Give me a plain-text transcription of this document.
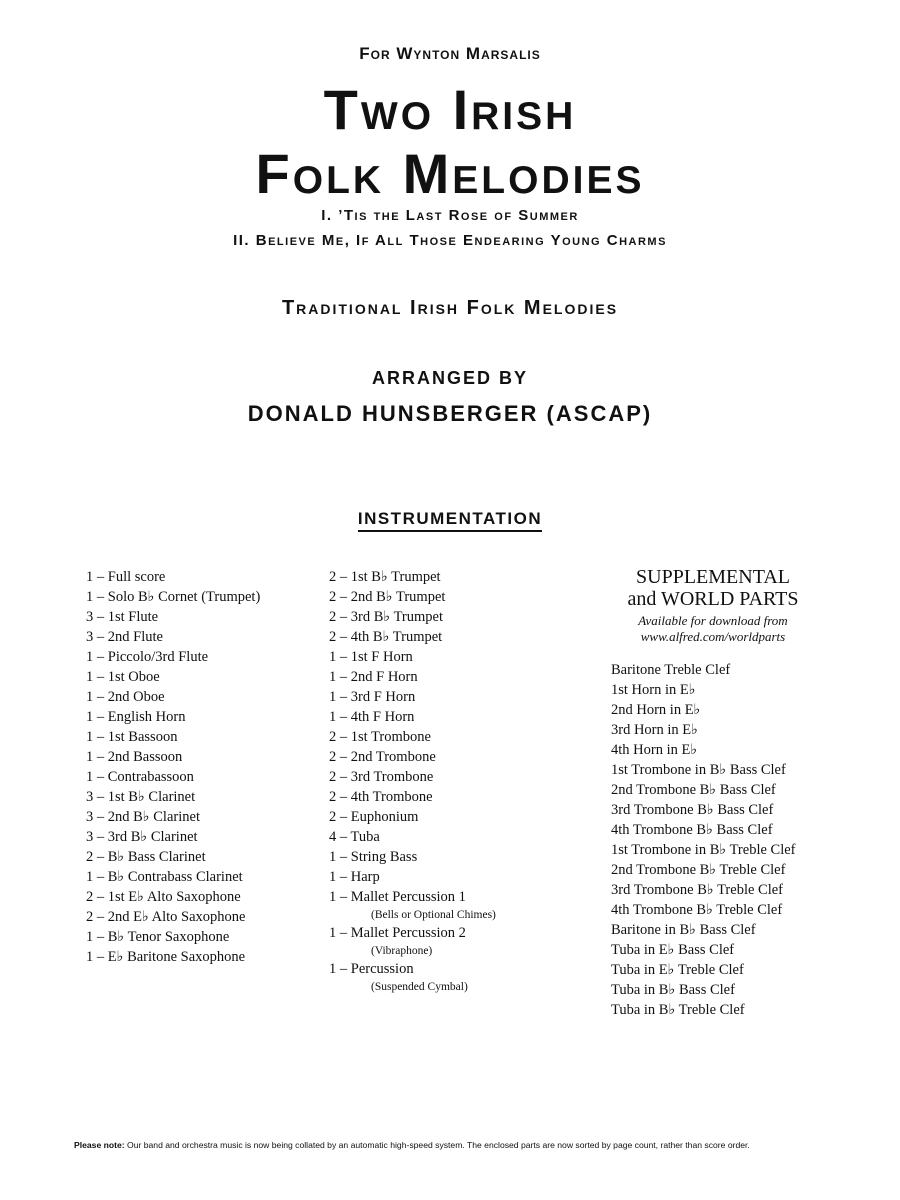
For Wynton Marsalis
Two Irish
Folk Melodies
I. ’Tis the Last Rose of Summer
II. Believe Me, If All Those Endearing Young Charms
Traditional Irish Folk Melodies
ARRANGED BY
DONALD HUNSBERGER (ASCAP)
INSTRUMENTATION
1 – Full score
1 – Solo B♭ Cornet (Trumpet)
3 – 1st Flute
3 – 2nd Flute
1 – Piccolo/3rd Flute
1 – 1st Oboe
1 – 2nd Oboe
1 – English Horn
1 – 1st Bassoon
1 – 2nd Bassoon
1 – Contrabassoon
3 – 1st B♭ Clarinet
3 – 2nd B♭ Clarinet
3 – 3rd B♭ Clarinet
2 – B♭ Bass Clarinet
1 – B♭ Contrabass Clarinet
2 – 1st E♭ Alto Saxophone
2 – 2nd E♭ Alto Saxophone
1 – B♭ Tenor Saxophone
1 – E♭ Baritone Saxophone
2 – 1st B♭ Trumpet
2 – 2nd B♭ Trumpet
2 – 3rd B♭ Trumpet
2 – 4th B♭ Trumpet
1 – 1st F Horn
1 – 2nd F Horn
1 – 3rd F Horn
1 – 4th F Horn
2 – 1st Trombone
2 – 2nd Trombone
2 – 3rd Trombone
2 – 4th Trombone
2 – Euphonium
4 – Tuba
1 – String Bass
1 – Harp
1 – Mallet Percussion 1
(Bells or Optional Chimes)
1 – Mallet Percussion 2
(Vibraphone)
1 – Percussion
(Suspended Cymbal)
SUPPLEMENTAL
and WORLD PARTS
Available for download from
www.alfred.com/worldparts
Baritone Treble Clef
1st Horn in E♭
2nd Horn in E♭
3rd Horn in E♭
4th Horn in E♭
1st Trombone in B♭ Bass Clef
2nd Trombone B♭ Bass Clef
3rd Trombone B♭ Bass Clef
4th Trombone B♭ Bass Clef
1st Trombone in B♭ Treble Clef
2nd Trombone B♭ Treble Clef
3rd Trombone B♭ Treble Clef
4th Trombone B♭ Treble Clef
Baritone in B♭ Bass Clef
Tuba in E♭ Bass Clef
Tuba in E♭ Treble Clef
Tuba in B♭ Bass Clef
Tuba in B♭ Treble Clef
Please note: Our band and orchestra music is now being collated by an automatic high-speed system. The enclosed parts are now sorted by page count, rather than score order.
